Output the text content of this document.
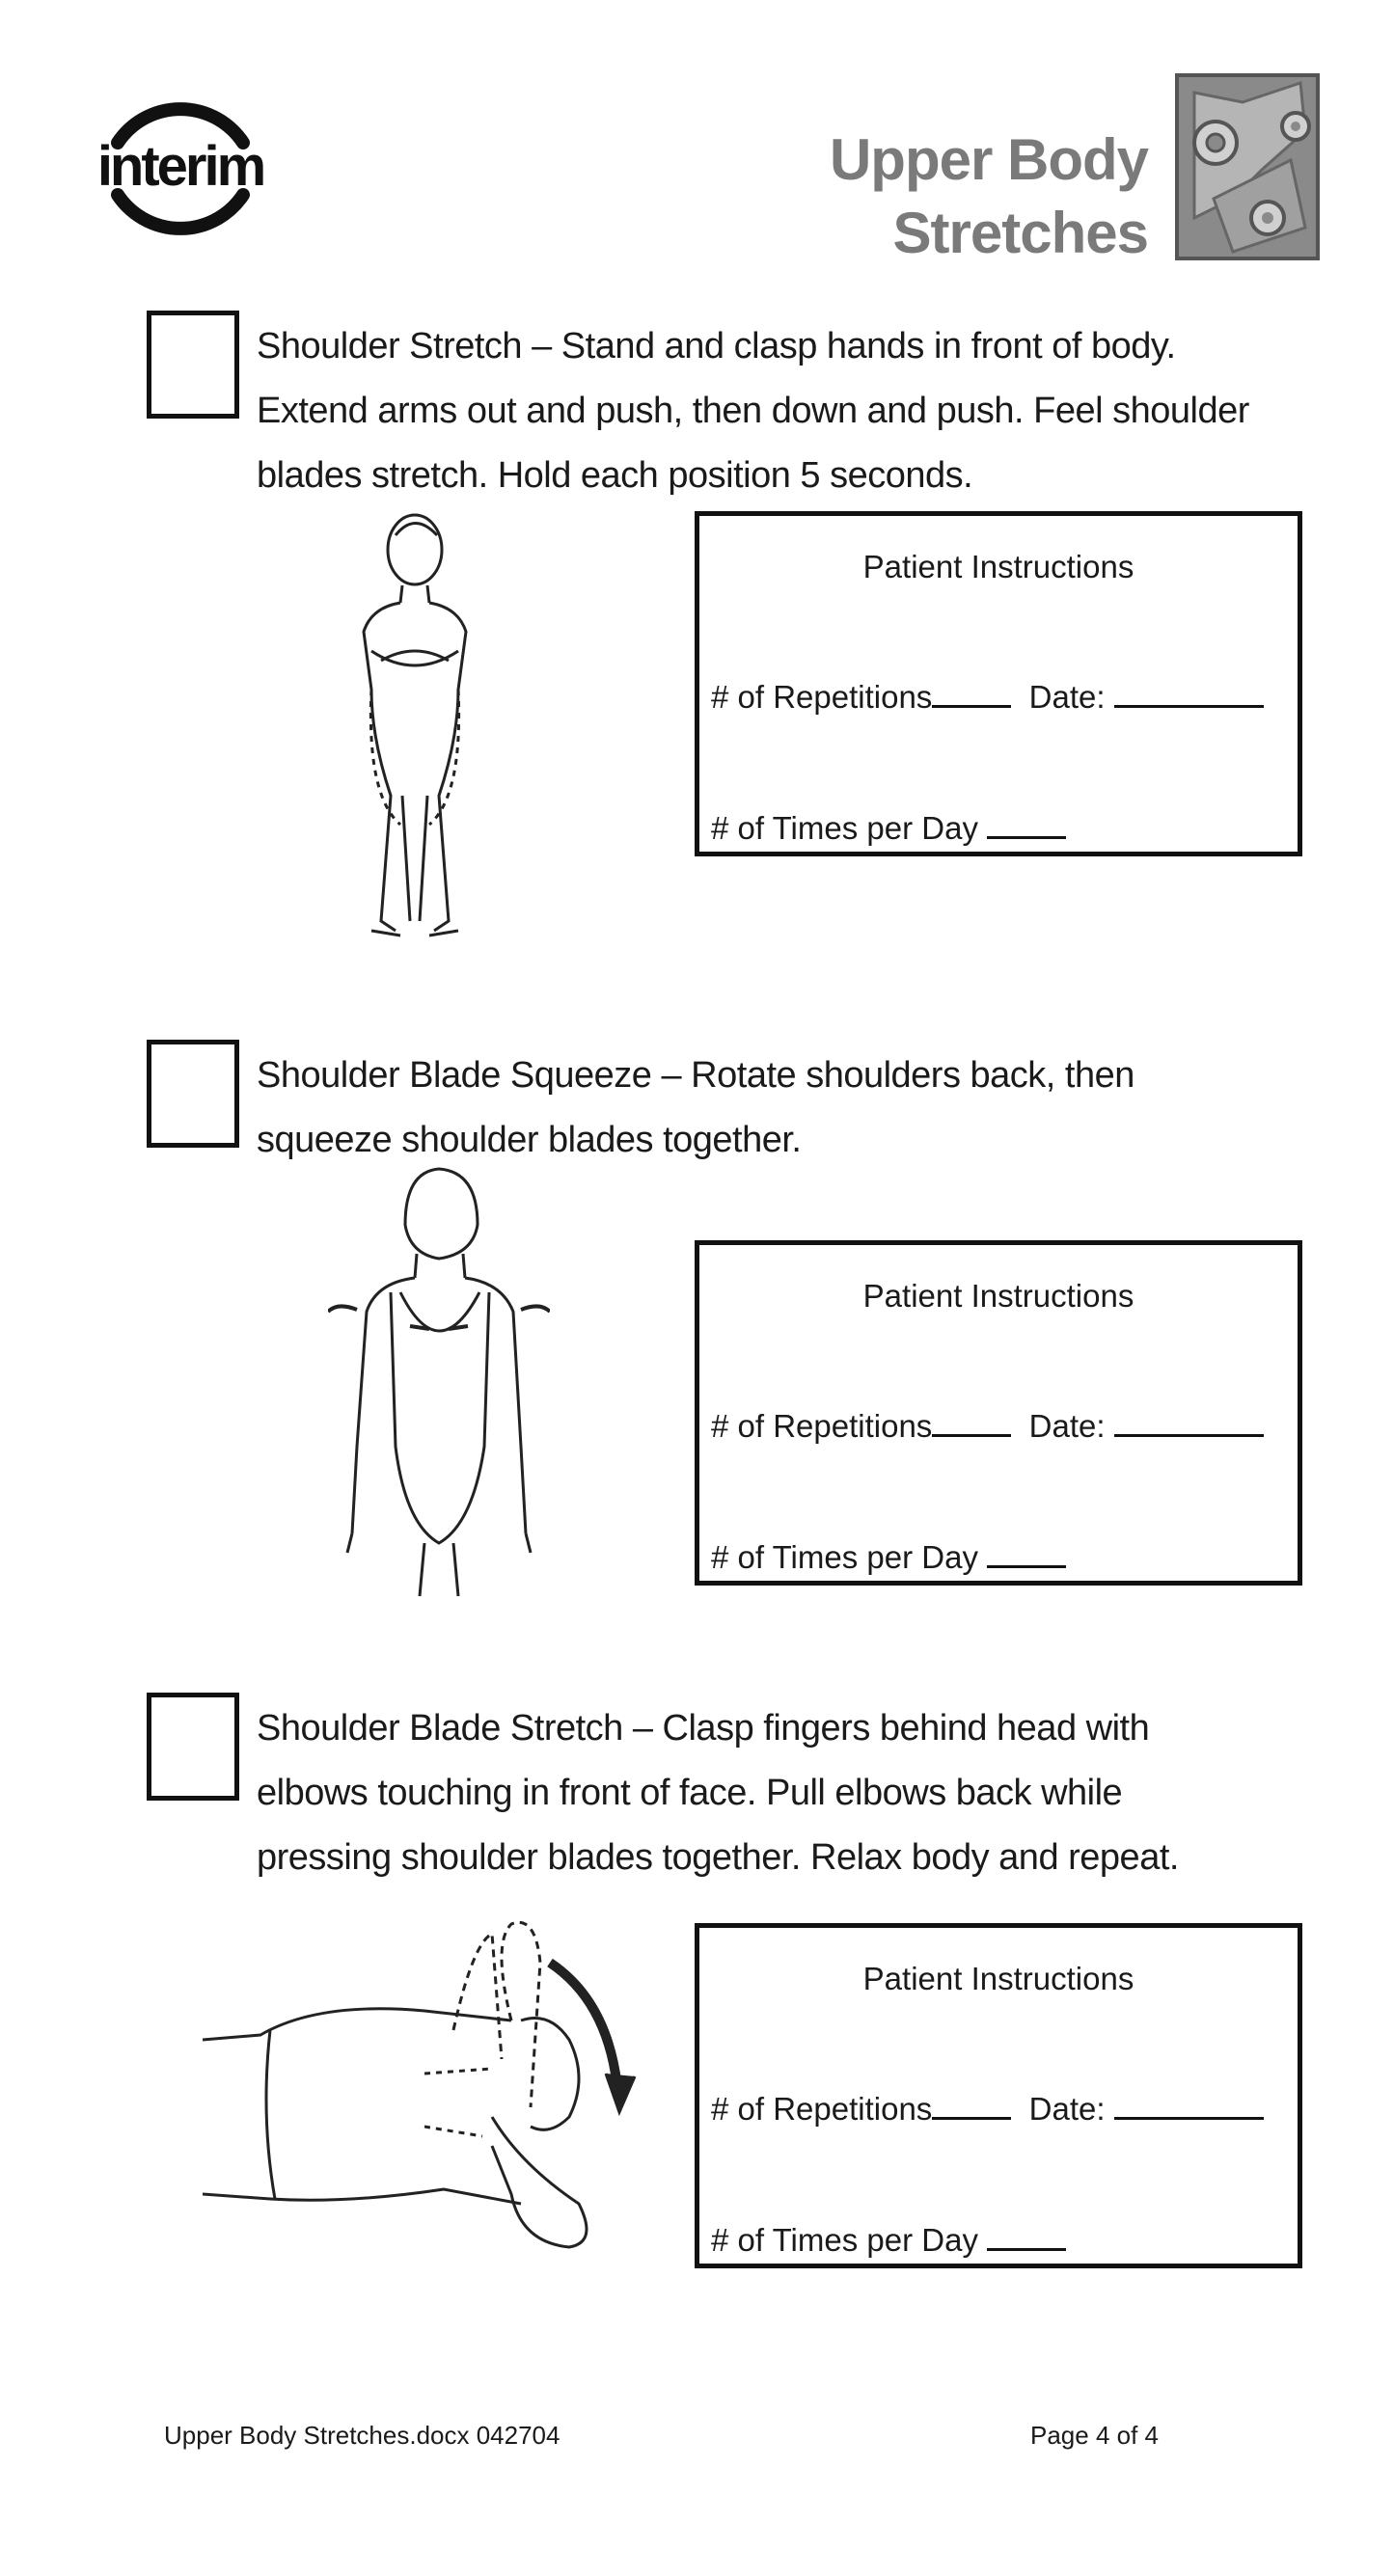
interim	Upper Body
Stretches
Shoulder Stretch – Stand and clasp hands in front of body. Extend arms out and push, then down and push. Feel shoulder blades stretch. Hold each position 5 seconds.
Patient Instructions
# of Repetitions	Date:
# of Times per Day
Shoulder Blade Squeeze – Rotate shoulders back, then squeeze shoulder blades together.
Patient Instructions
# of Repetitions	Date:
# of Times per Day
Shoulder Blade Stretch – Clasp fingers behind head with elbows touching in front of face. Pull elbows back while pressing shoulder blades together. Relax body and repeat.
Patient Instructions
# of Repetitions	Date:
# of Times per Day
Upper Body Stretches.docx 042704	Page 4 of 4
